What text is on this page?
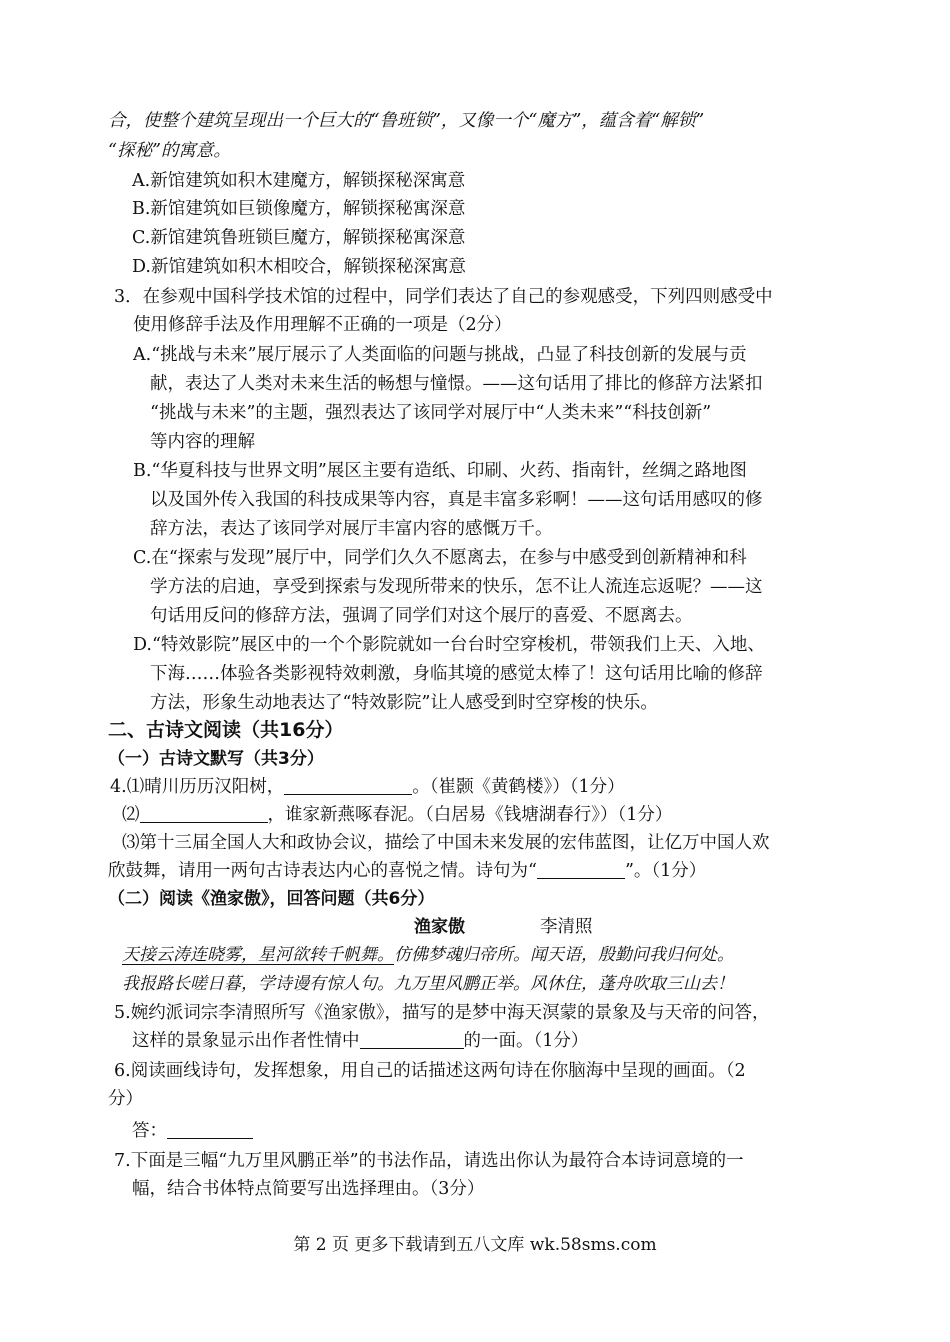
合，使整个建筑呈现出一个巨大的“鲁班锁”，又像一个“魔方”，蕴含着“解锁”
“探秘”的寓意。
A.新馆建筑如积木建魔方，解锁探秘深寓意
B.新馆建筑如巨锁像魔方，解锁探秘寓深意
C.新馆建筑鲁班锁巨魔方，解锁探秘寓深意
D.新馆建筑如积木相咬合，解锁探秘深寓意
3．在参观中国科学技术馆的过程中，同学们表达了自己的参观感受，下列四则感受中
使用修辞手法及作用理解不正确的一项是（2分）
A.“挑战与未来”展厅展示了人类面临的问题与挑战，凸显了科技创新的发展与贡
献，表达了人类对未来生活的畅想与憧憬。——这句话用了排比的修辞方法紧扣
“挑战与未来”的主题，强烈表达了该同学对展厅中“人类未来”“科技创新”
等内容的理解
B.“华夏科技与世界文明”展区主要有造纸、印刷、火药、指南针，丝绸之路地图
以及国外传入我国的科技成果等内容，真是丰富多彩啊！——这句话用感叹的修
辞方法，表达了该同学对展厅丰富内容的感慨万千。
C.在“探索与发现”展厅中，同学们久久不愿离去，在参与中感受到创新精神和科
学方法的启迪，享受到探索与发现所带来的快乐，怎不让人流连忘返呢？——这
句话用反问的修辞方法，强调了同学们对这个展厅的喜爱、不愿离去。
D.“特效影院”展区中的一个个影院就如一台台时空穿梭机，带领我们上天、入地、
下海……体验各类影视特效刺激，身临其境的感觉太棒了！这句话用比喻的修辞
方法，形象生动地表达了“特效影院”让人感受到时空穿梭的快乐。
二、古诗文阅读（共16分）
（一）古诗文默写（共3分）
4.⑴晴川历历汉阳树，	。（崔颢《黄鹤楼》）（1分）
⑵	，谁家新燕啄春泥。（白居易《钱塘湖春行》）（1分）
⑶第十三届全国人大和政协会议，描绘了中国未来发展的宏伟蓝图，让亿万中国人欢
欣鼓舞，请用一两句古诗表达内心的喜悦之情。诗句为“	”。（1分）
（二）阅读《渔家傲》，回答问题（共6分）
渔家傲	李清照
天接云涛连晓雾，星河欲转千帆舞。仿佛梦魂归帝所。闻天语，殷勤问我归何处。
我报路长嗟日暮，学诗谩有惊人句。九万里风鹏正举。风休住，蓬舟吹取三山去！
5.婉约派词宗李清照所写《渔家傲》，描写的是梦中海天溟蒙的景象及与天帝的问答，
这样的景象显示出作者性情中	的一面。（1分）
6.阅读画线诗句，发挥想象，用自己的话描述这两句诗在你脑海中呈现的画面。（2
分）
答：
7.下面是三幅“九万里风鹏正举”的书法作品，请选出你认为最符合本诗词意境的一
幅，结合书体特点简要写出选择理由。（3分）
第 2 页 更多下载请到五八文库 wk.58sms.com
